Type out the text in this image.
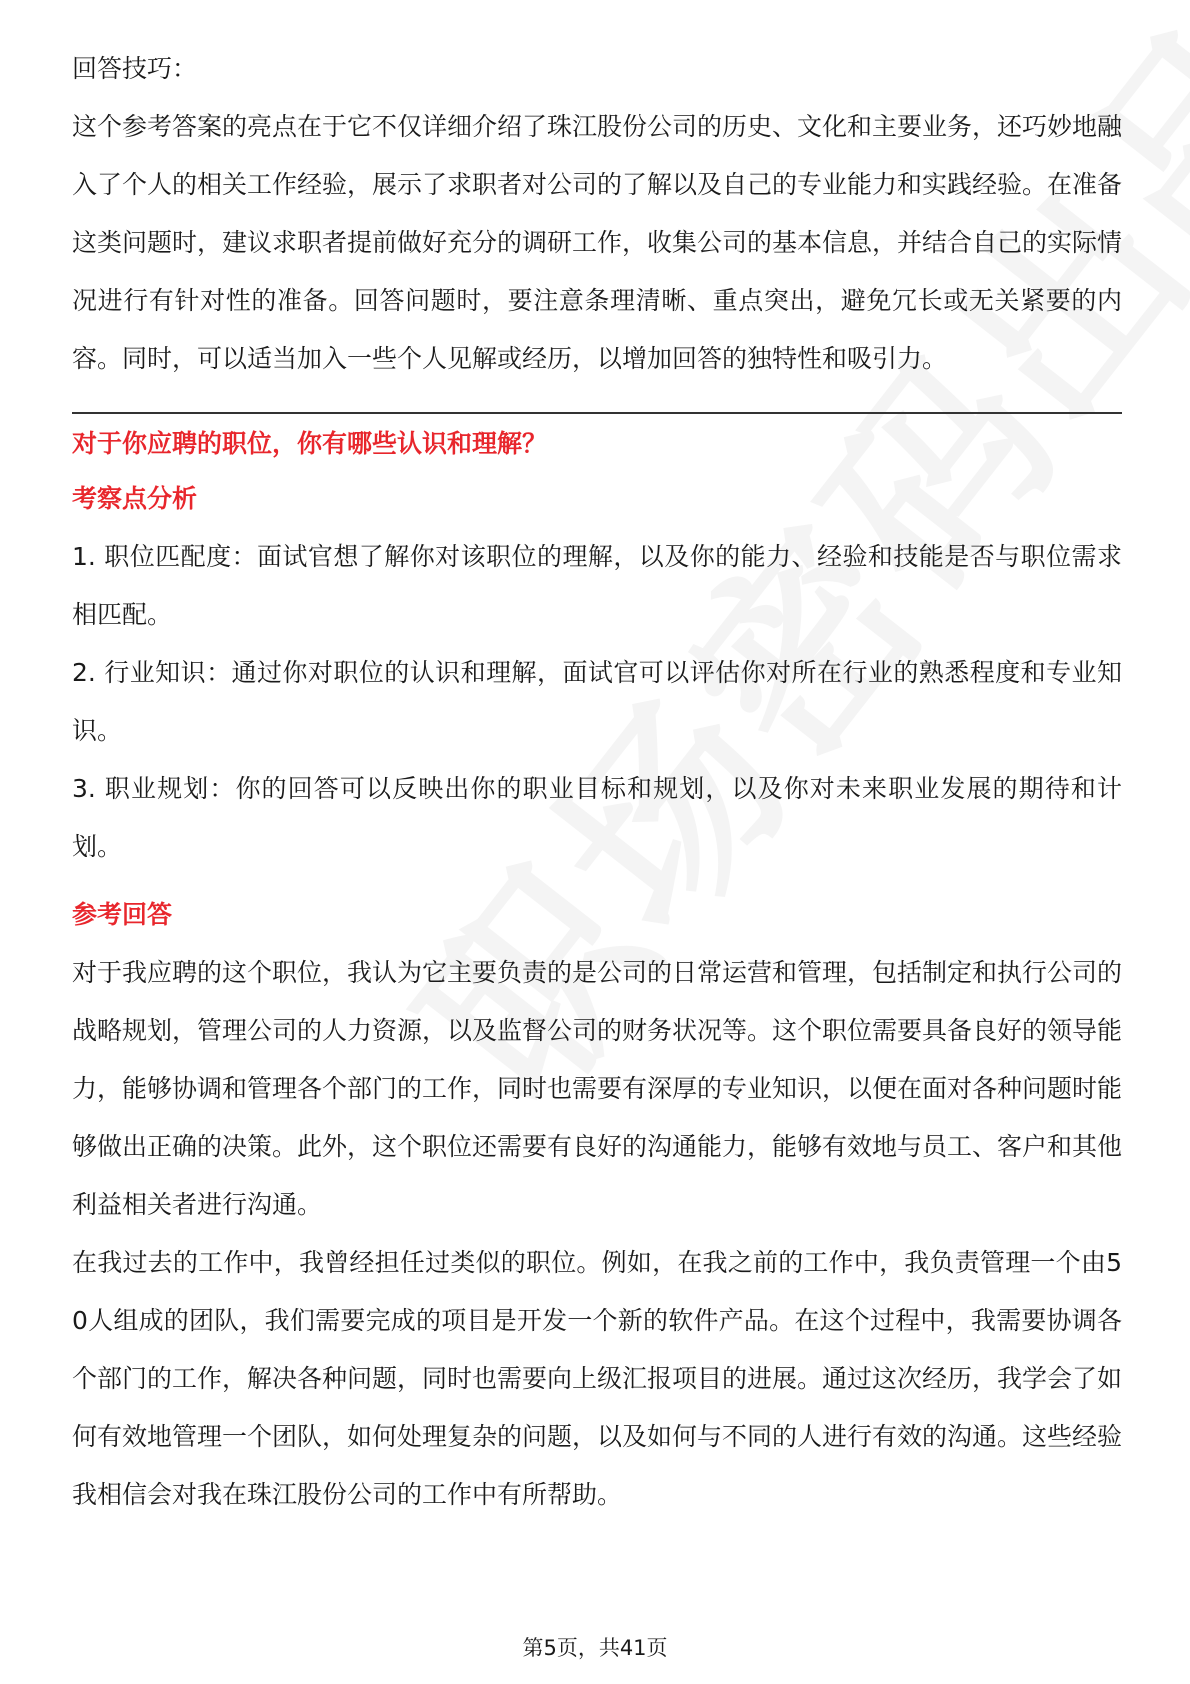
回答技巧：

这个参考答案的亮点在于它不仅详细介绍了珠江股份公司的历史、文化和主要业务，还巧妙地融入了个人的相关工作经验，展示了求职者对公司的了解以及自己的专业能力和实践经验。在准备这类问题时，建议求职者提前做好充分的调研工作，收集公司的基本信息，并结合自己的实际情况进行有针对性的准备。回答问题时，要注意条理清晰、重点突出，避免冗长或无关紧要的内容。同时，可以适当加入一些个人见解或经历，以增加回答的独特性和吸引力。

对于你应聘的职位，你有哪些认识和理解？

考察点分析

1. 职位匹配度：面试官想了解你对该职位的理解，以及你的能力、经验和技能是否与职位需求相匹配。

2. 行业知识：通过你对职位的认识和理解，面试官可以评估你对所在行业的熟悉程度和专业知识。

3. 职业规划：你的回答可以反映出你的职业目标和规划，以及你对未来职业发展的期待和计划。

参考回答

对于我应聘的这个职位，我认为它主要负责的是公司的日常运营和管理，包括制定和执行公司的战略规划，管理公司的人力资源，以及监督公司的财务状况等。这个职位需要具备良好的领导能力，能够协调和管理各个部门的工作，同时也需要有深厚的专业知识，以便在面对各种问题时能够做出正确的决策。此外，这个职位还需要有良好的沟通能力，能够有效地与员工、客户和其他利益相关者进行沟通。

在我过去的工作中，我曾经担任过类似的职位。例如，在我之前的工作中，我负责管理一个由50人组成的团队，我们需要完成的项目是开发一个新的软件产品。在这个过程中，我需要协调各个部门的工作，解决各种问题，同时也需要向上级汇报项目的进展。通过这次经历，我学会了如何有效地管理一个团队，如何处理复杂的问题，以及如何与不同的人进行有效的沟通。这些经验我相信会对我在珠江股份公司的工作中有所帮助。

第5页，共41页
